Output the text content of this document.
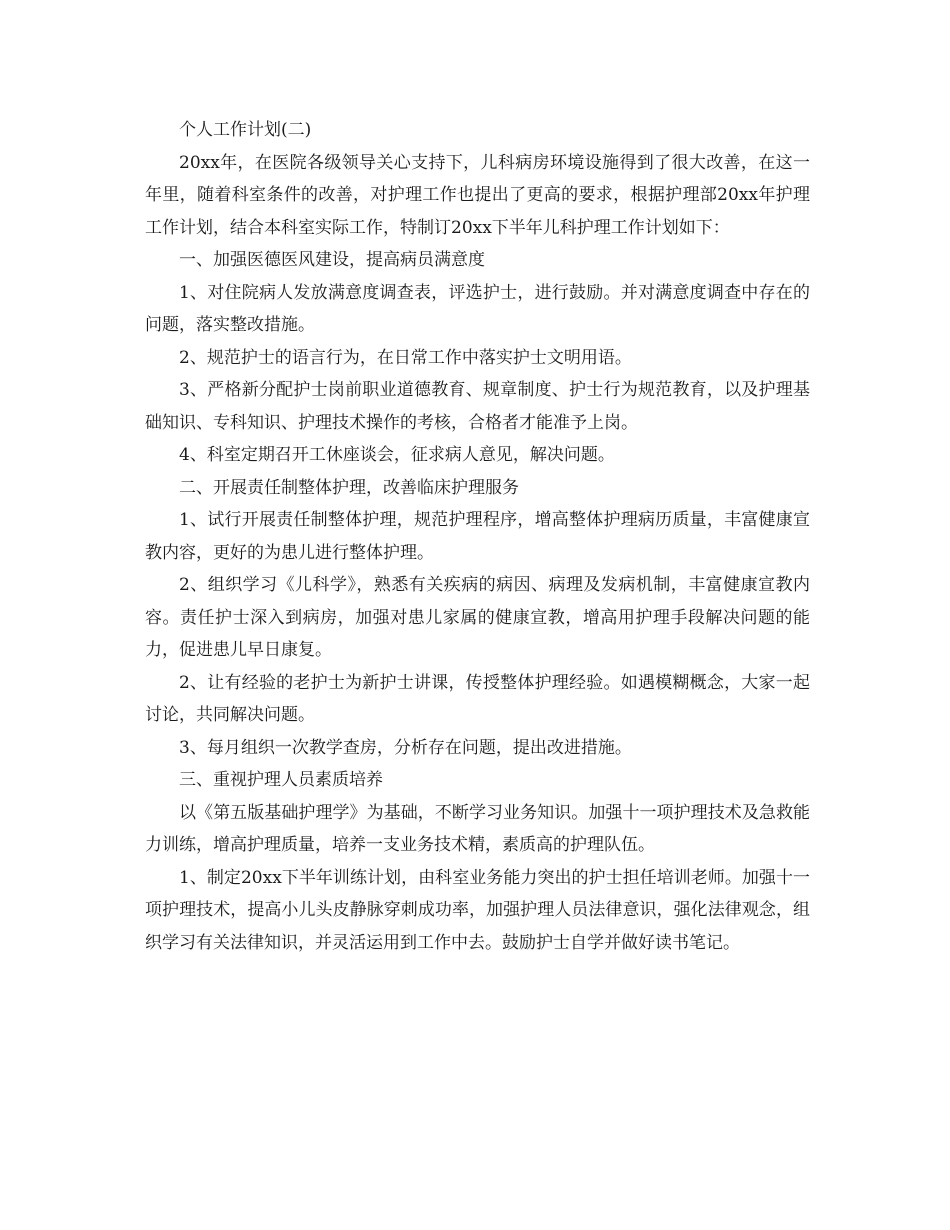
个人工作计划(二)

20xx年，在医院各级领导关心支持下，儿科病房环境设施得到了很大改善，在这一年里，随着科室条件的改善，对护理工作也提出了更高的要求，根据护理部20xx年护理工作计划，结合本科室实际工作，特制订20xx下半年儿科护理工作计划如下：

一、加强医德医风建设，提高病员满意度

1、对住院病人发放满意度调查表，评选护士，进行鼓励。并对满意度调查中存在的问题，落实整改措施。

2、规范护士的语言行为，在日常工作中落实护士文明用语。

3、严格新分配护士岗前职业道德教育、规章制度、护士行为规范教育，以及护理基础知识、专科知识、护理技术操作的考核，合格者才能准予上岗。

4、科室定期召开工休座谈会，征求病人意见，解决问题。

二、开展责任制整体护理，改善临床护理服务

1、试行开展责任制整体护理，规范护理程序，增高整体护理病历质量，丰富健康宣教内容，更好的为患儿进行整体护理。

2、组织学习《儿科学》，熟悉有关疾病的病因、病理及发病机制，丰富健康宣教内容。责任护士深入到病房，加强对患儿家属的健康宣教，增高用护理手段解决问题的能力，促进患儿早日康复。

2、让有经验的老护士为新护士讲课，传授整体护理经验。如遇模糊概念，大家一起讨论，共同解决问题。

3、每月组织一次教学查房，分析存在问题，提出改进措施。

三、重视护理人员素质培养

以《第五版基础护理学》为基础，不断学习业务知识。加强十一项护理技术及急救能力训练，增高护理质量，培养一支业务技术精，素质高的护理队伍。

1、制定20xx下半年训练计划，由科室业务能力突出的护士担任培训老师。加强十一项护理技术，提高小儿头皮静脉穿刺成功率，加强护理人员法律意识，强化法律观念，组织学习有关法律知识，并灵活运用到工作中去。鼓励护士自学并做好读书笔记。
